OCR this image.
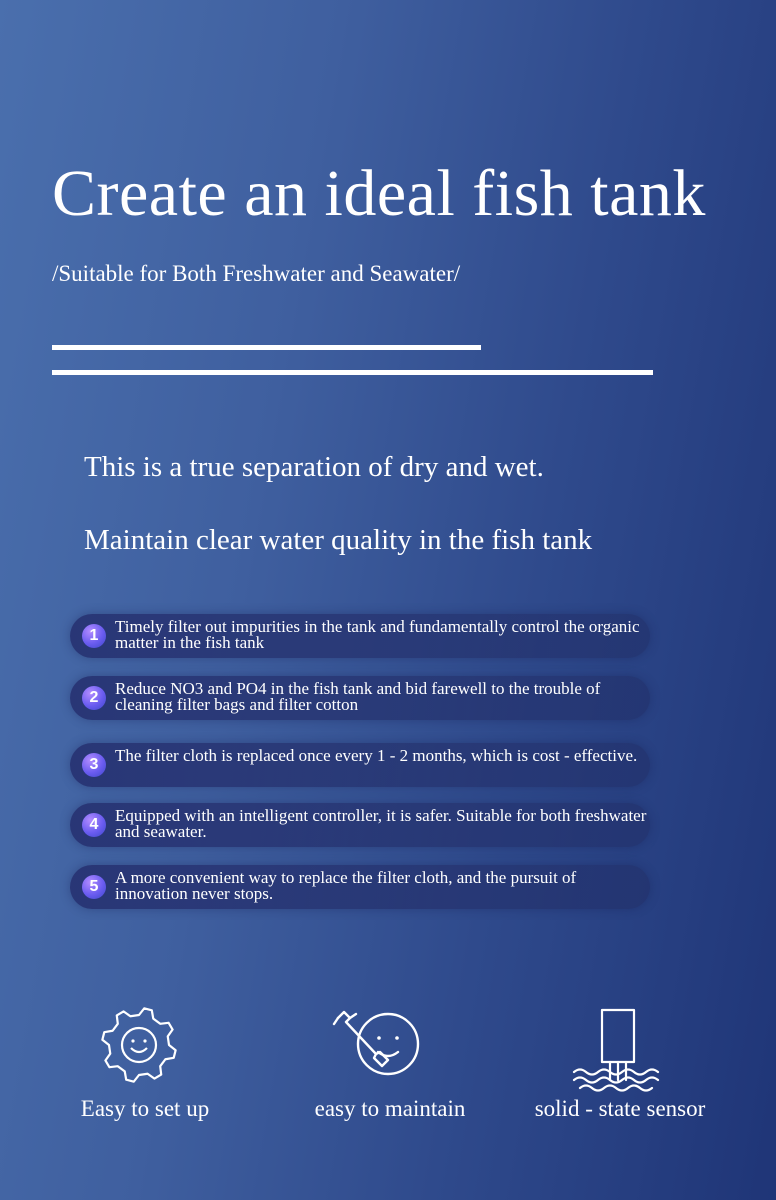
Create an ideal fish tank
/Suitable for Both Freshwater and Seawater/
This is a true separation of dry and wet.
Maintain clear water quality in the fish tank
1 Timely filter out impurities in the tank and fundamentally control the organic matter in the fish tank
2 Reduce NO3 and PO4 in the fish tank and bid farewell to the trouble of cleaning filter bags and filter cotton
3 The filter cloth is replaced once every 1 - 2 months, which is cost - effective.
4 Equipped with an intelligent controller, it is safer. Suitable for both freshwater and seawater.
5 A more convenient way to replace the filter cloth, and the pursuit of innovation never stops.
Easy to set up	easy to maintain	solid - state sensor
